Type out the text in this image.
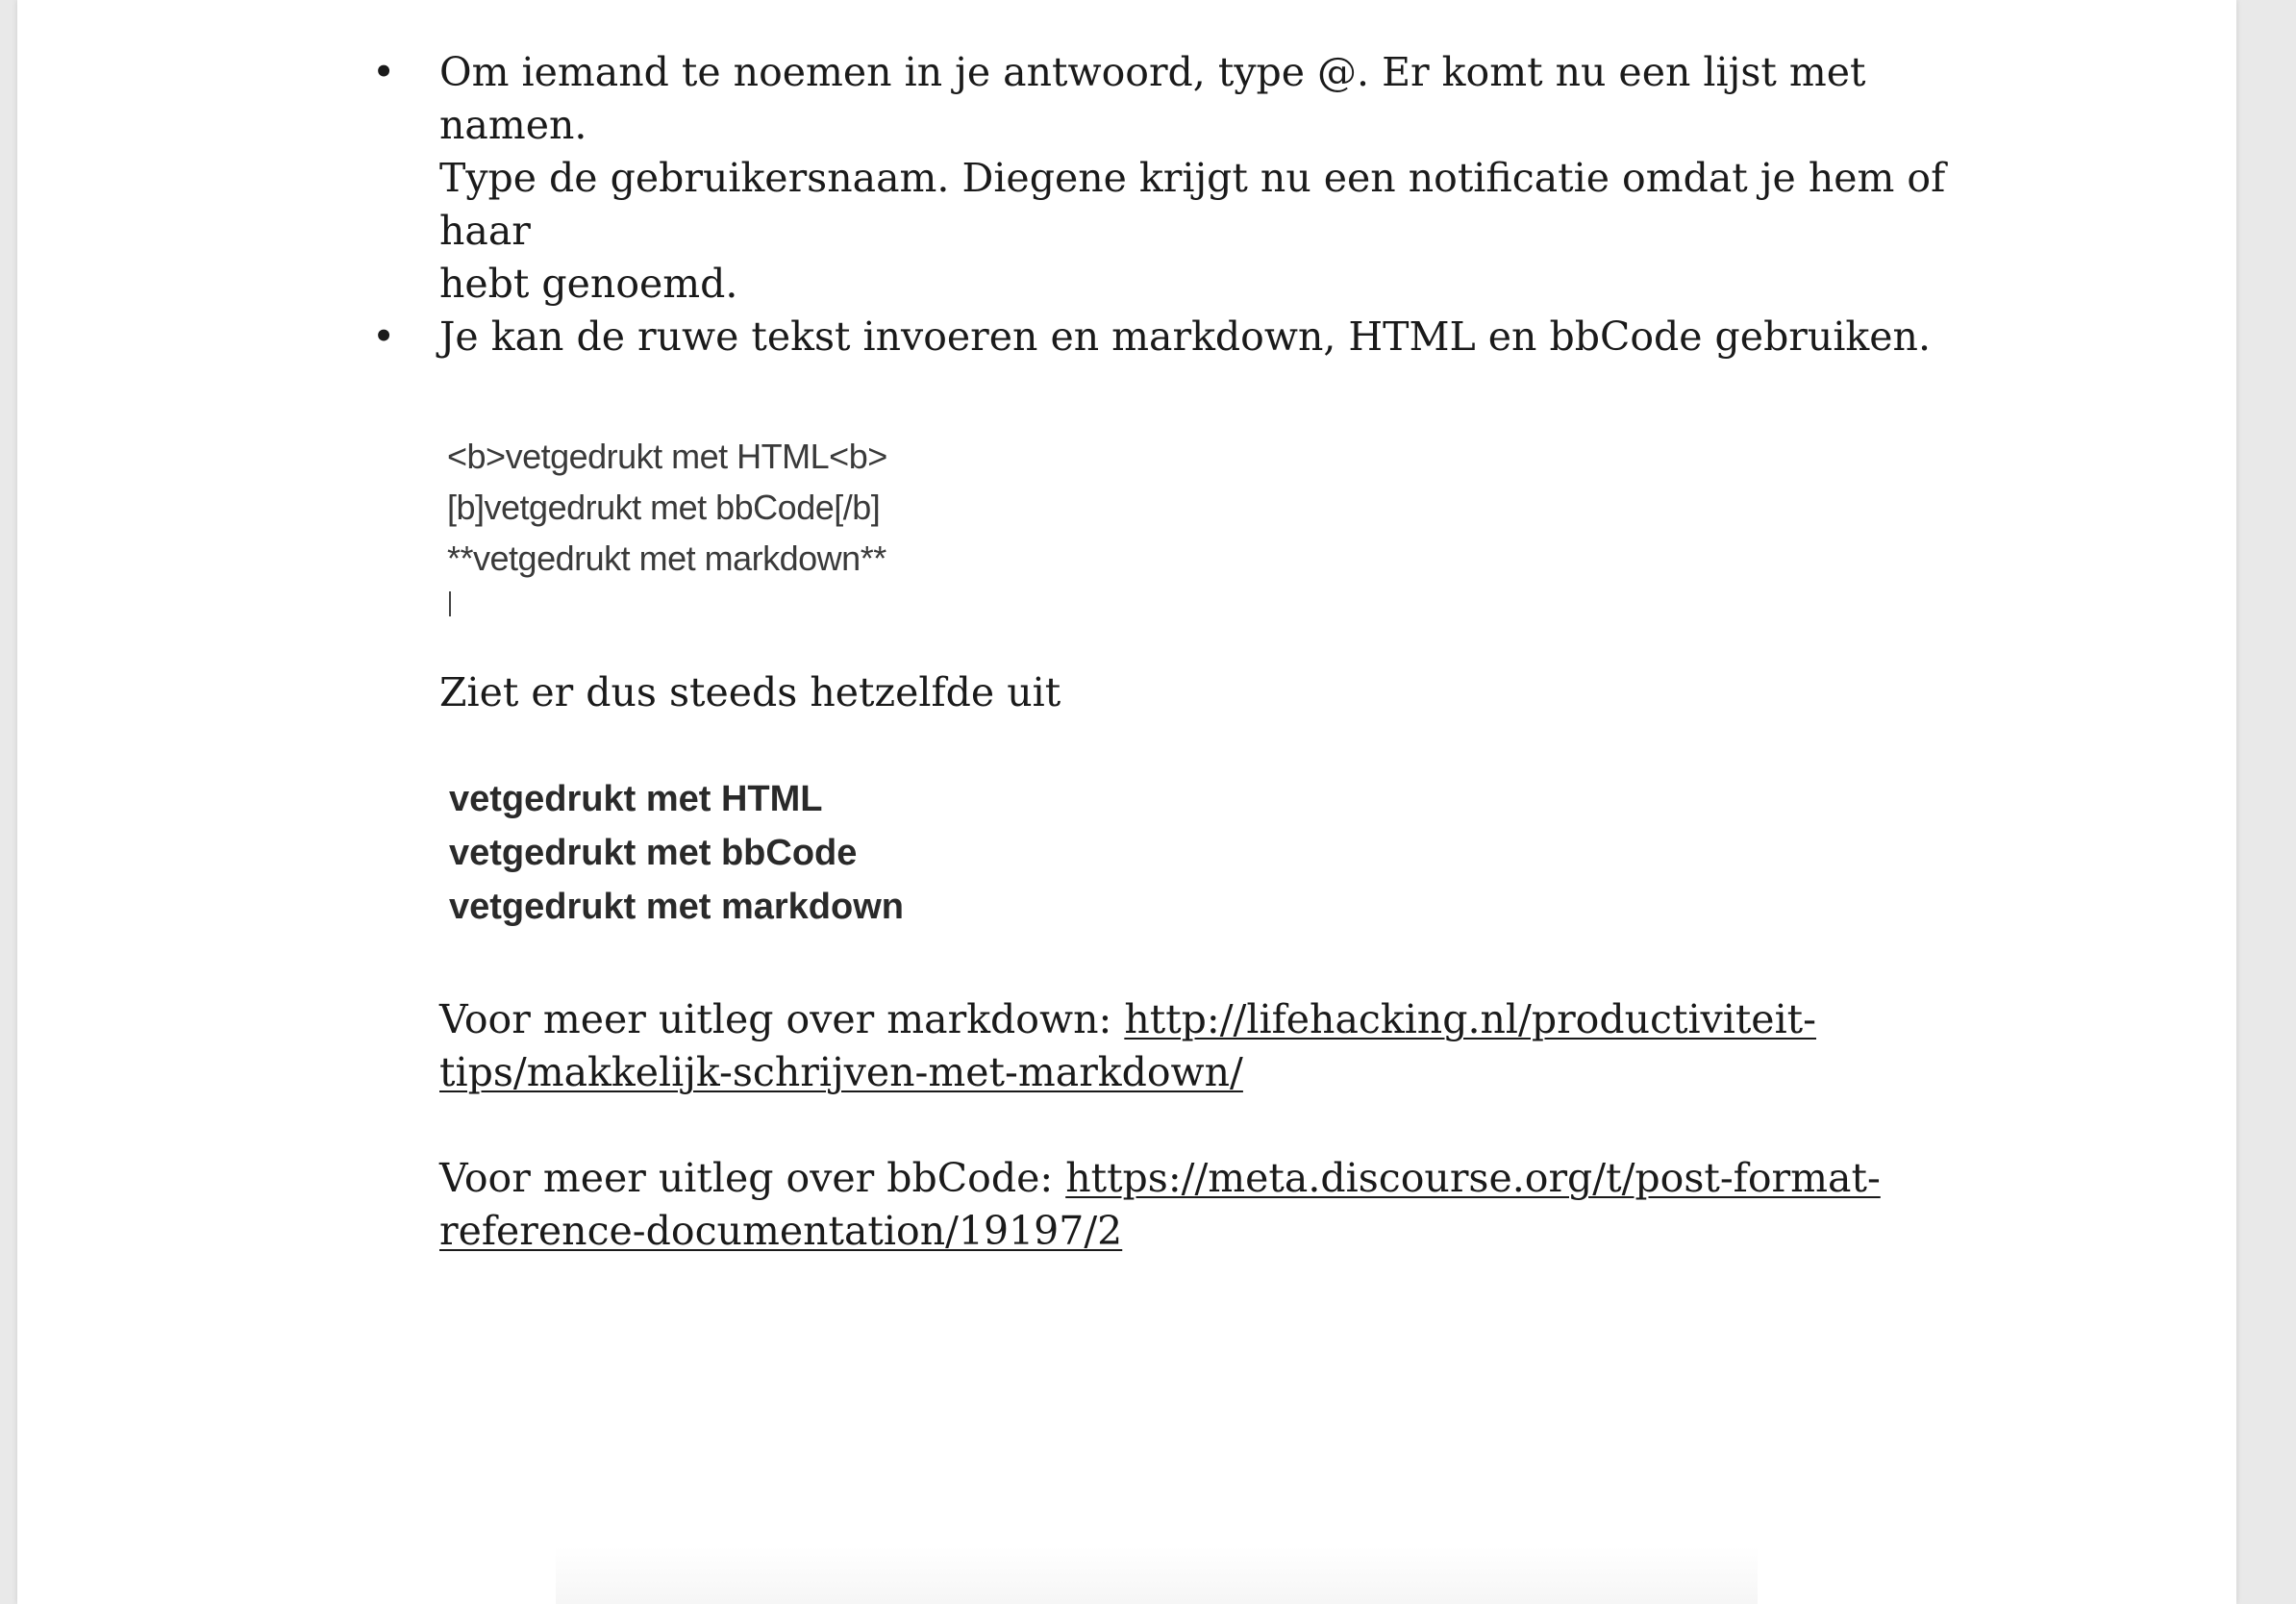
• Om iemand te noemen in je antwoord, type @. Er komt nu een lijst met namen.
Type de gebruikersnaam. Diegene krijgt nu een notificatie omdat je hem of haar
hebt genoemd.
• Je kan de ruwe tekst invoeren en markdown, HTML en bbCode gebruiken.
<b>vetgedrukt met HTML<b>
[b]vetgedrukt met bbCode[/b]
**vetgedrukt met markdown**
Ziet er dus steeds hetzelfde uit
vetgedrukt met HTML
vetgedrukt met bbCode
vetgedrukt met markdown
Voor meer uitleg over markdown: http://lifehacking.nl/productiviteit-
tips/makkelijk-schrijven-met-markdown/
Voor meer uitleg over bbCode: https://meta.discourse.org/t/post-format-
reference-documentation/19197/2
